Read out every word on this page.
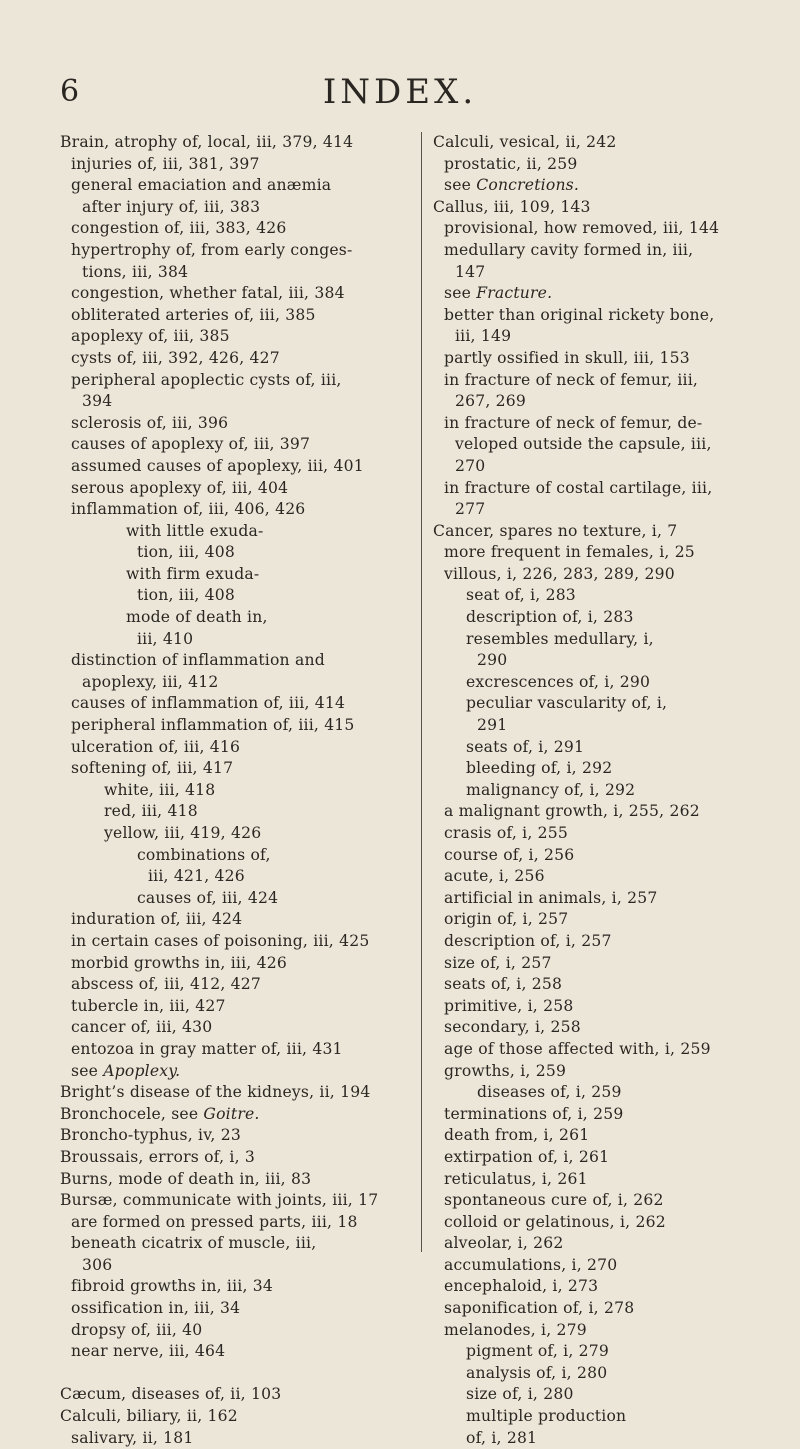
6	INDEX.
Brain, atrophy of, local, iii, 379, 414
injuries of, iii, 381, 397
general emaciation and anæmia
after injury of, iii, 383
congestion of, iii, 383, 426
hypertrophy of, from early conges-
tions, iii, 384
congestion, whether fatal, iii, 384
obliterated arteries of, iii, 385
apoplexy of, iii, 385
cysts of, iii, 392, 426, 427
peripheral apoplectic cysts of, iii,
394
sclerosis of, iii, 396
causes of apoplexy of, iii, 397
assumed causes of apoplexy, iii, 401
serous apoplexy of, iii, 404
inflammation of, iii, 406, 426
with little exuda-
tion, iii, 408
with firm exuda-
tion, iii, 408
mode of death in,
iii, 410
distinction of inflammation and
apoplexy, iii, 412
causes of inflammation of, iii, 414
peripheral inflammation of, iii, 415
ulceration of, iii, 416
softening of, iii, 417
white, iii, 418
red, iii, 418
yellow, iii, 419, 426
combinations of,
iii, 421, 426
causes of, iii, 424
induration of, iii, 424
in certain cases of poisoning, iii, 425
morbid growths in, iii, 426
abscess of, iii, 412, 427
tubercle in, iii, 427
cancer of, iii, 430
entozoa in gray matter of, iii, 431
see Apoplexy.
Bright’s disease of the kidneys, ii, 194
Bronchocele, see Goitre.
Broncho-typhus, iv, 23
Broussais, errors of, i, 3
Burns, mode of death in, iii, 83
Bursæ, communicate with joints, iii, 17
are formed on pressed parts, iii, 18
beneath cicatrix of muscle, iii,
306
fibroid growths in, iii, 34
ossification in, iii, 34
dropsy of, iii, 40
near nerve, iii, 464
Cæcum, diseases of, ii, 103
Calculi, biliary, ii, 162
salivary, ii, 181
Calculi, vesical, ii, 242
prostatic, ii, 259
see Concretions.
Callus, iii, 109, 143
provisional, how removed, iii, 144
medullary cavity formed in, iii,
147
see Fracture.
better than original rickety bone,
iii, 149
partly ossified in skull, iii, 153
in fracture of neck of femur, iii,
267, 269
in fracture of neck of femur, de-
veloped outside the capsule, iii,
270
in fracture of costal cartilage, iii,
277
Cancer, spares no texture, i, 7
more frequent in females, i, 25
villous, i, 226, 283, 289, 290
seat of, i, 283
description of, i, 283
resembles medullary, i,
290
excrescences of, i, 290
peculiar vascularity of, i,
291
seats of, i, 291
bleeding of, i, 292
malignancy of, i, 292
a malignant growth, i, 255, 262
crasis of, i, 255
course of, i, 256
acute, i, 256
artificial in animals, i, 257
origin of, i, 257
description of, i, 257
size of, i, 257
seats of, i, 258
primitive, i, 258
secondary, i, 258
age of those affected with, i, 259
growths, i, 259
diseases of, i, 259
terminations of, i, 259
death from, i, 261
extirpation of, i, 261
reticulatus, i, 261
spontaneous cure of, i, 262
colloid or gelatinous, i, 262
alveolar, i, 262
accumulations, i, 270
encephaloid, i, 273
saponification of, i, 278
melanodes, i, 279
pigment of, i, 279
analysis of, i, 280
size of, i, 280
multiple production
of, i, 281
